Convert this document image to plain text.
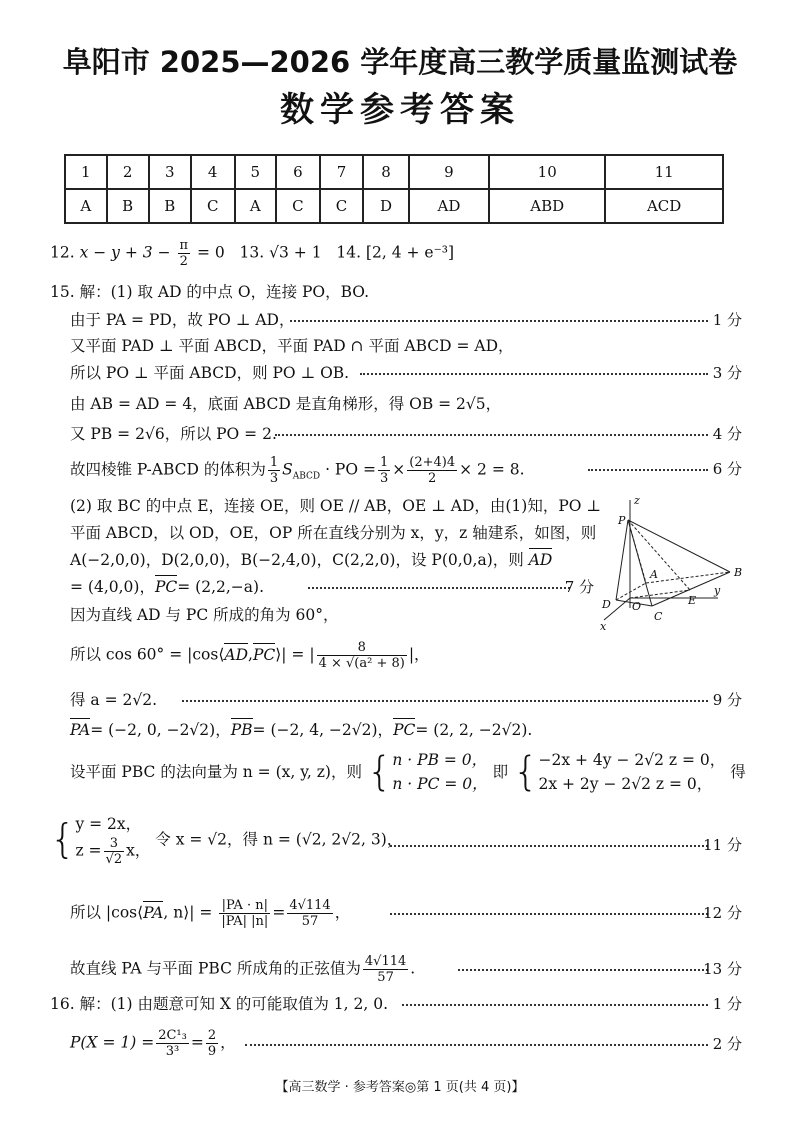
阜阳市 2025—2026 学年度高三教学质量监测试卷
数学参考答案
1	2	3	4	5	6	7	8	9	10	11
A	B	B	C	A	C	C	D	AD	ABD	ACD
12. $x - y + 3 - \frac{\pi}{2} = 0$ 13. √3 + 1 14. [2, 4 + e⁻³]
15. 解：(1) 取 AD 的中点 O，连接 PO，BO.
由于 PA = PD，故 PO ⊥ AD，	1 分
又平面 PAD ⊥ 平面 ABCD，平面 PAD ∩ 平面 ABCD = AD，
所以 PO ⊥ 平面 ABCD，则 PO ⊥ OB.	3 分
由 AB = AD = 4，底面 ABCD 是直角梯形，得 OB = 2√5，
又 PB = 2√6，所以 PO = 2.	4 分
故四棱锥 P-ABCD 的体积为 $\frac{1}{3} S_{ABCD}$ · PO = $\frac{1}{3} \times \frac{(2+4)4}{2} \times 2 = 8$.	6 分
(2) 取 BC 的中点 E，连接 OE，则 OE // AB，OE ⊥ AD，由(1)知，PO ⊥
平面 ABCD，以 OD，OE，OP 所在直线分别为 x，y，z 轴建系，如图，则
A(−2,0,0)，D(2,0,0)，B(−2,4,0)，C(2,2,0)，设 P(0,0,a)，则 AD
= (4,0,0)，PC= (2,2,−a).	7 分
因为直线 AD 与 PC 所成的角为 60°，
所以 cos 60° = |cos⟨AD,PC⟩| = | $\frac{8}{\text{4 × √(a² + 8)}}$ |，
得 a = 2√2.	9 分
PA= (−2, 0, −2√2)，PB= (−2, 4, −2√2)，PC= (2, 2, −2√2).
设平面 PBC 的法向量为 n = (x, y, z)，则 { n · PB = 0，
n · PC = 0，
即 { −2x + 4y − 2√2 z = 0，
2x + 2y − 2√2 z = 0，
得
{ y = 2x，
$z = \frac{3}{√2}$ x，
令 x = √2，得 n = (√2, 2√2, 3)，	11 分
所以 |cos⟨PA, n⟩| = $\frac{|PA \cdot n|}{|PA| |n|} = \frac{4√114}{57}$ ，	12 分
故直线 PA 与平面 PBC 所成角的正弦值为 $\frac{4√114}{57}$ .	13 分
16. 解：(1) 由题意可知 X 的可能取值为 1, 2, 0.	1 分
$P(X = 1) = \frac{\text{2C¹₃}}{\text{3³}} = \frac{2}{9}$ ，	2 分
z
P
A	B
D O	E
y
C
x
【高三数学 · 参考答案◎第 1 页(共 4 页)】
